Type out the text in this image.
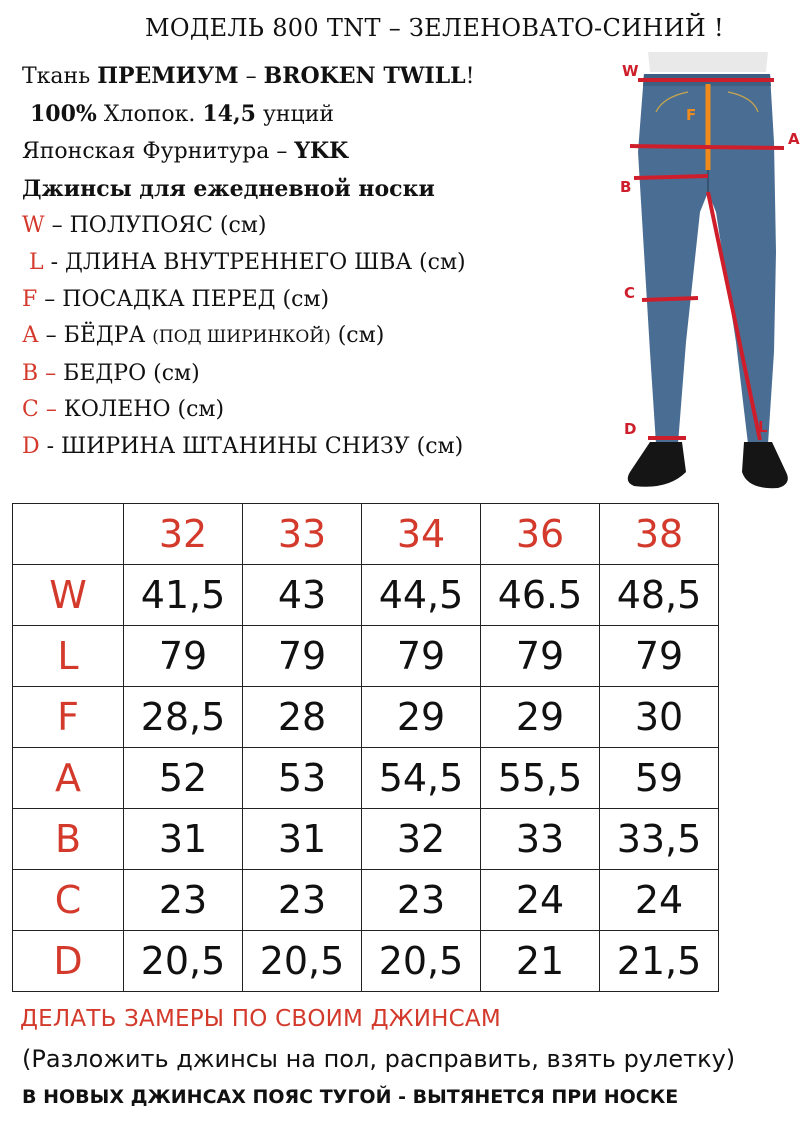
МОДЕЛЬ 800 TNT – ЗЕЛЕНОВАТО-СИНИЙ !
Ткань ПРЕМИУМ – BROKEN TWILL!
100% Хлопок. 14,5 унций
Японская Фурнитура – YKK
Джинсы для ежедневной носки
W – ПОЛУПОЯС (см)
L - ДЛИНА ВНУТРЕННЕГО ШВА (см)
F – ПОСАДКА ПЕРЕД (см)
А – БЁДРА (ПОД ШИРИНКОЙ) (см)
В – БЕДРО (см)
С – КОЛЕНО (см)
D - ШИРИНА ШТАНИНЫ СНИЗУ (см)
W
F
A
B
C
D	L
	32	33	34	36	38
W	41,5	43	44,5	46.5	48,5
L	79	79	79	79	79
F	28,5	28	29	29	30
A	52	53	54,5	55,5	59
B	31	31	32	33	33,5
C	23	23	23	24	24
D	20,5	20,5	20,5	21	21,5
ДЕЛАТЬ ЗАМЕРЫ ПО СВОИМ ДЖИНСАМ
(Разложить джинсы на пол, расправить, взять рулетку)
В НОВЫХ ДЖИНСАХ ПОЯС ТУГОЙ - ВЫТЯНЕТСЯ ПРИ НОСКЕ
